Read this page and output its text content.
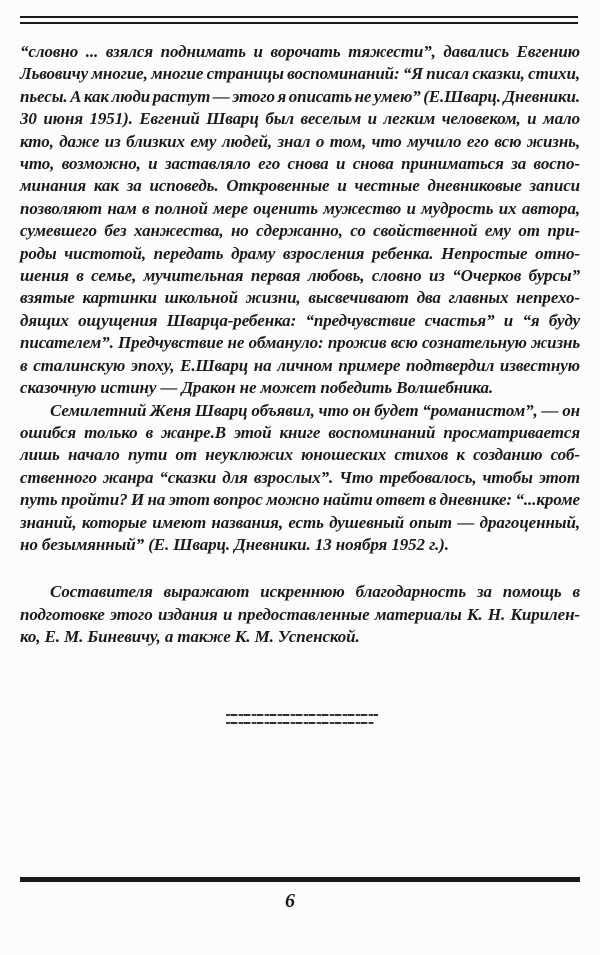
“словно ... взялся поднимать и ворочать тяжести”, давались Евгению
Львовичу многие, многие страницы воспоминаний: “Я писал сказки, стихи,
пьесы. А как люди растут — этого я описать не умею” (Е.Шварц. Дневники.
30 июня 1951). Евгений Шварц был веселым и легким человеком, и мало
кто, даже из близких ему людей, знал о том, что мучило его всю жизнь,
что, возможно, и заставляло его снова и снова приниматься за воспо-
минания как за исповедь. Откровенные и честные дневниковые записи
позволяют нам в полной мере оценить мужество и мудрость их автора,
сумевшего без ханжества, но сдержанно, со свойственной ему от при-
роды чистотой, передать драму взросления ребенка. Непростые отно-
шения в семье, мучительная первая любовь, словно из “Очерков бурсы”
взятые картинки школьной жизни, высвечивают два главных непрехо-
дящих ощущения Шварца-ребенка: “предчувствие счастья” и “я буду
писателем”. Предчувствие не обмануло: прожив всю сознательную жизнь
в сталинскую эпоху, Е.Шварц на личном примере подтвердил известную
сказочную истину — Дракон не может победить Волшебника.
Семилетний Женя Шварц объявил, что он будет “романистом”, — он
ошибся только в жанре.В этой книге воспоминаний просматривается
лишь начало пути от неуклюжих юношеских стихов к созданию соб-
ственного жанра “сказки для взрослых”. Что требовалось, чтобы этот
путь пройти? И на этот вопрос можно найти ответ в дневнике: “...кроме
знаний, которые имеют названия, есть душевный опыт — драгоценный,
но безымянный” (Е. Шварц. Дневники. 13 ноября 1952 г.).
Составителя выражают искреннюю благодарность за помощь в
подготовке этого издания и предоставленные материалы К. Н. Кирилен-
ко, Е. М. Биневичу, а также К. М. Успенской.
6
